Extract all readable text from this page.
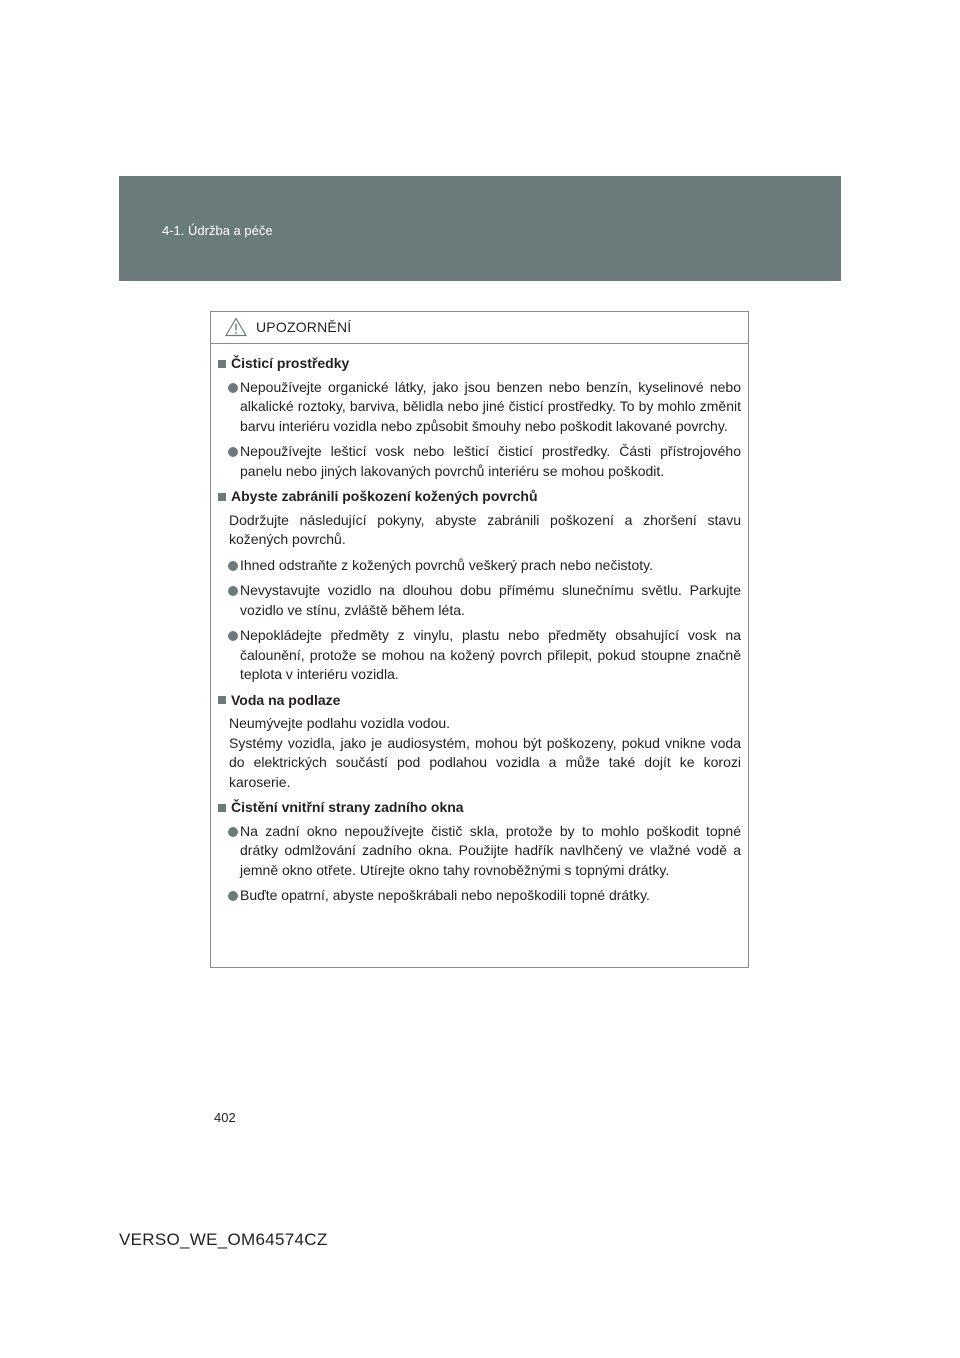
4-1. Údržba a péče
UPOZORNĚNÍ
Čisticí prostředky
Nepoužívejte organické látky, jako jsou benzen nebo benzín, kyselinové nebo alkalické roztoky, barviva, bělidla nebo jiné čisticí prostředky. To by mohlo změnit barvu interiéru vozidla nebo způsobit šmouhy nebo poškodit lakované povrchy.
Nepoužívejte lešticí vosk nebo lešticí čisticí prostředky. Části přístrojového panelu nebo jiných lakovaných povrchů interiéru se mohou poškodit.
Abyste zabránili poškození kožených povrchů
Dodržujte následující pokyny, abyste zabránili poškození a zhoršení stavu kožených povrchů.
Ihned odstraňte z kožených povrchů veškerý prach nebo nečistoty.
Nevystavujte vozidlo na dlouhou dobu přímému slunečnímu světlu. Parkujte vozidlo ve stínu, zvláště během léta.
Nepokládejte předměty z vinylu, plastu nebo předměty obsahující vosk na čalounění, protože se mohou na kožený povrch přilepit, pokud stoupne značně teplota v interiéru vozidla.
Voda na podlaze
Neumývejte podlahu vozidla vodou.
Systémy vozidla, jako je audiosystém, mohou být poškozeny, pokud vnikne voda do elektrických součástí pod podlahou vozidla a může také dojít ke korozi karoserie.
Čistění vnitřní strany zadního okna
Na zadní okno nepoužívejte čistič skla, protože by to mohlo poškodit topné drátky odmlžování zadního okna. Použijte hadřík navlhčený ve vlažné vodě a jemně okno otřete. Utírejte okno tahy rovnoběžnými s topnými drátky.
Buďte opatrní, abyste nepoškrábali nebo nepoškodili topné drátky.
402
VERSO_WE_OM64574CZ
